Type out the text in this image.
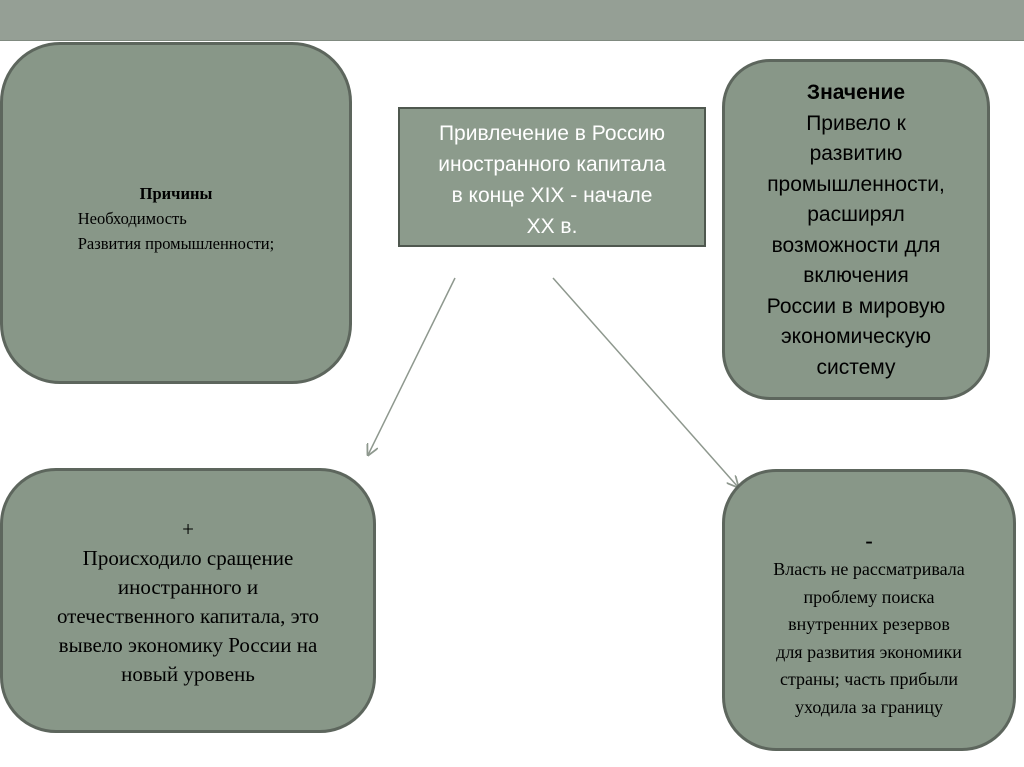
Причины
Необходимость
Развития промышленности;
Привлечение в Россию
иностранного капитала
в конце XIX - начале
XX в.
Значение
Привело к
развитию
промышленности,
расширял
возможности для
включения
России в мировую
экономическую
систему
+
Происходило сращение
иностранного и
отечественного капитала, это
вывело экономику России на
новый уровень
-
Власть не рассматривала
проблему поиска
внутренних резервов
для развития экономики
страны; часть прибыли
уходила за границу
